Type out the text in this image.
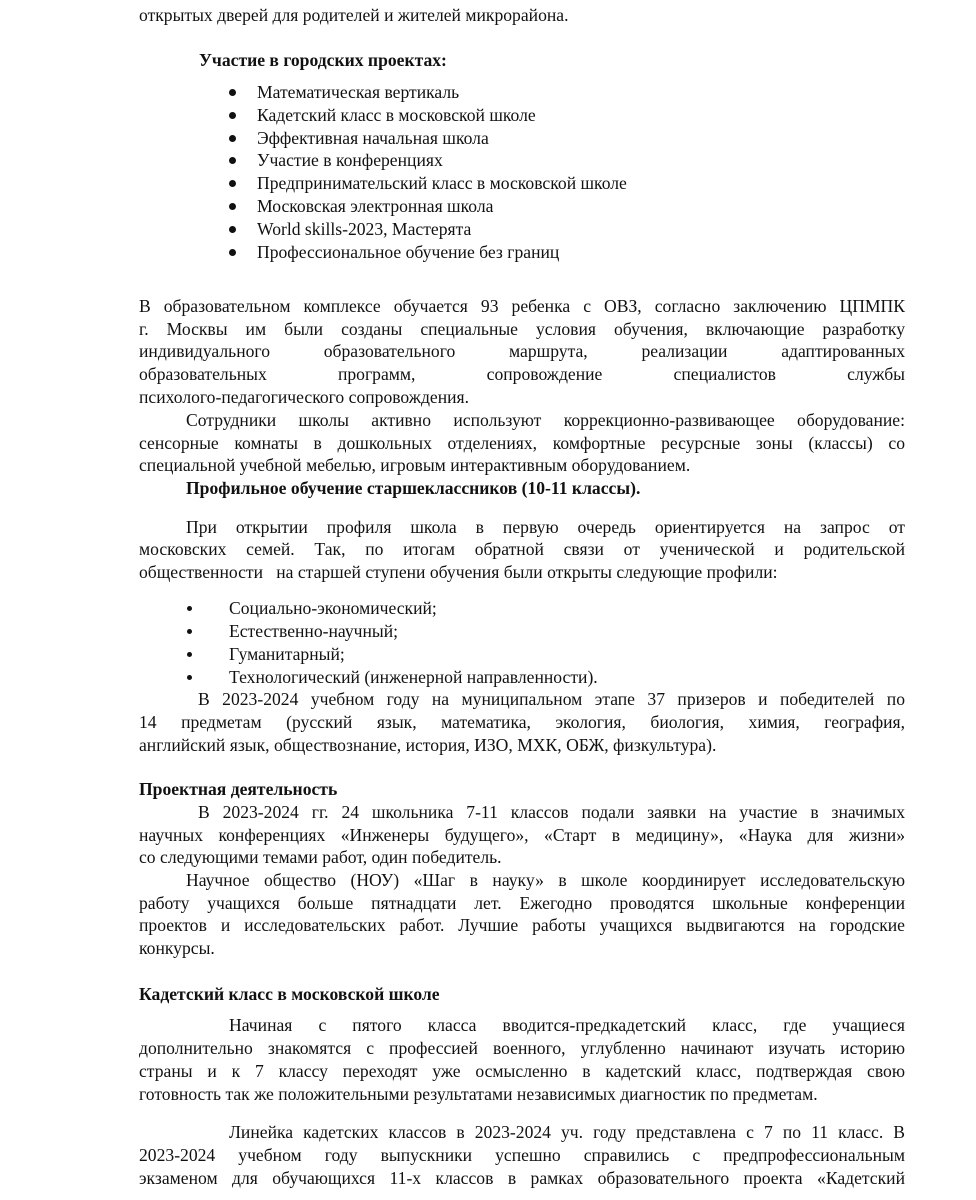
открытых дверей для родителей и жителей микрорайона.
Участие в городских проектах:
Математическая вертикаль
Кадетский класс в московской школе
Эффективная начальная школа
Участие в конференциях
Предпринимательский класс в московской школе
Московская электронная школа
World skills-2023, Мастерята
Профессиональное обучение без границ
В образовательном комплексе обучается 93 ребенка с ОВЗ, согласно заключению ЦПМПК
г. Москвы им были созданы специальные условия обучения, включающие разработку
индивидуального образовательного маршрута, реализации адаптированных
образовательных программ, сопровождение специалистов службы
психолого-педагогического сопровождения.
Сотрудники школы активно используют коррекционно-развивающее оборудование:
сенсорные комнаты в дошкольных отделениях, комфортные ресурсные зоны (классы) со
специальной учебной мебелью, игровым интерактивным оборудованием.
Профильное обучение старшеклассников (10-11 классы).
При открытии профиля школа в первую очередь ориентируется на запрос от
московских семей. Так, по итогам обратной связи от ученической и родительской
общественности   на старшей ступени обучения были открыты следующие профили:
Социально-экономический;
Естественно-научный;
Гуманитарный;
Технологический (инженерной направленности).
В 2023-2024 учебном году на муниципальном этапе 37 призеров и победителей по
14 предметам (русский язык, математика, экология, биология, химия, география,
английский язык, обществознание, история, ИЗО, МХК, ОБЖ, физкультура).
Проектная деятельность
В 2023-2024 гг. 24 школьника 7-11 классов подали заявки на участие в значимых
научных конференциях «Инженеры будущего», «Старт в медицину», «Наука для жизни»
со следующими темами работ, один победитель.
Научное общество (НОУ) «Шаг в науку» в школе координирует исследовательскую
работу учащихся больше пятнадцати лет. Ежегодно проводятся школьные конференции
проектов и исследовательских работ. Лучшие работы учащихся выдвигаются на городские
конкурсы.
Кадетский класс в московской школе
Начиная с пятого класса вводится-предкадетский класс, где учащиеся
дополнительно знакомятся с профессией военного, углубленно начинают изучать историю
страны и к 7 классу переходят уже осмысленно в кадетский класс, подтверждая свою
готовность так же положительными результатами независимых диагностик по предметам.
Линейка кадетских классов в 2023-2024 уч. году представлена с 7 по 11 класс. В
2023-2024 учебном году выпускники успешно справились с предпрофессиональным
экзаменом для обучающихся 11-х классов в рамках образовательного проекта «Кадетский
